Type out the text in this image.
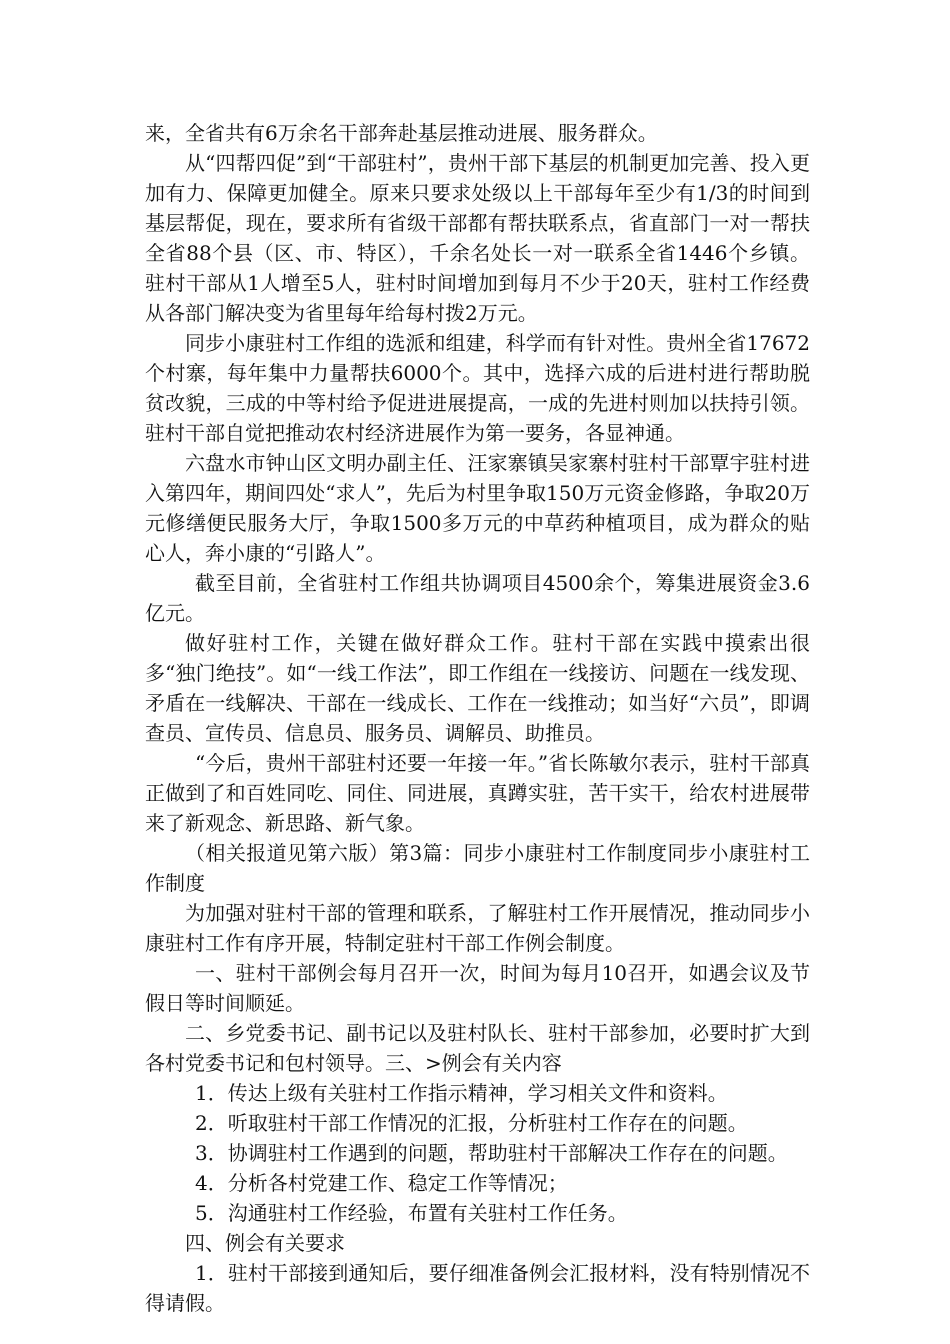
来，全省共有6万余名干部奔赴基层推动进展、服务群众。

从“四帮四促”到“干部驻村”，贵州干部下基层的机制更加完善、投入更加有力、保障更加健全。原来只要求处级以上干部每年至少有1/3的时间到基层帮促，现在，要求所有省级干部都有帮扶联系点，省直部门一对一帮扶全省88个县（区、市、特区），千余名处长一对一联系全省1446个乡镇。驻村干部从1人增至5人，驻村时间增加到每月不少于20天，驻村工作经费从各部门解决变为省里每年给每村拨2万元。

同步小康驻村工作组的选派和组建，科学而有针对性。贵州全省17672个村寨，每年集中力量帮扶6000个。其中，选择六成的后进村进行帮助脱贫改貌，三成的中等村给予促进进展提高，一成的先进村则加以扶持引领。驻村干部自觉把推动农村经济进展作为第一要务，各显神通。

六盘水市钟山区文明办副主任、汪家寨镇吴家寨村驻村干部覃宇驻村进入第四年，期间四处“求人”，先后为村里争取150万元资金修路，争取20万元修缮便民服务大厅，争取1500多万元的中草药种植项目，成为群众的贴心人，奔小康的“引路人”。

截至目前，全省驻村工作组共协调项目4500余个，筹集进展资金3.6亿元。

做好驻村工作，关键在做好群众工作。驻村干部在实践中摸索出很多“独门绝技”。如“一线工作法”，即工作组在一线接访、问题在一线发现、矛盾在一线解决、干部在一线成长、工作在一线推动；如当好“六员”，即调查员、宣传员、信息员、服务员、调解员、助推员。

“今后，贵州干部驻村还要一年接一年。”省长陈敏尔表示，驻村干部真正做到了和百姓同吃、同住、同进展，真蹲实驻，苦干实干，给农村进展带来了新观念、新思路、新气象。

（相关报道见第六版）第3篇：同步小康驻村工作制度同步小康驻村工作制度

为加强对驻村干部的管理和联系，了解驻村工作开展情况，推动同步小康驻村工作有序开展，特制定驻村干部工作例会制度。

一、驻村干部例会每月召开一次，时间为每月10召开，如遇会议及节假日等时间顺延。

二、乡党委书记、副书记以及驻村队长、驻村干部参加，必要时扩大到各村党委书记和包村领导。三、>例会有关内容

1．传达上级有关驻村工作指示精神，学习相关文件和资料。

2．听取驻村干部工作情况的汇报，分析驻村工作存在的问题。

3．协调驻村工作遇到的问题，帮助驻村干部解决工作存在的问题。

4．分析各村党建工作、稳定工作等情况；

5．沟通驻村工作经验，布置有关驻村工作任务。

四、例会有关要求

1．驻村干部接到通知后，要仔细准备例会汇报材料，没有特别情况不得请假。
